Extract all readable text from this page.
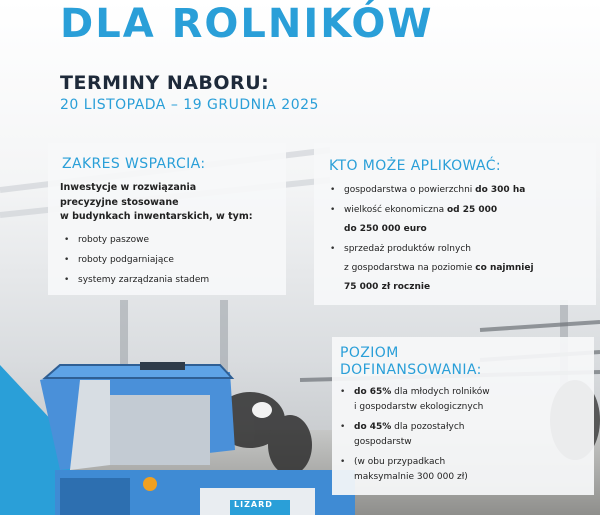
DLA ROLNIKÓW
TERMINY NABORU:
20 LISTOPADA – 19 GRUDNIA 2025
ZAKRES WSPARCIA:
Inwestycje w rozwiązania
precyzyjne stosowane
w budynkach inwentarskich, w tym:
• roboty paszowe
• roboty podgarniające
• systemy zarządzania stadem
KTO MOŻE APLIKOWAĆ:
• gospodarstwa o powierzchni do 300 ha
• wielkość ekonomiczna od 25 000
do 250 000 euro
• sprzedaż produktów rolnych
z gospodarstwa na poziomie co najmniej
75 000 zł rocznie
POZIOM
DOFINANSOWANIA:
• do 65% dla młodych rolników
i gospodarstw ekologicznych
• do 45% dla pozostałych
gospodarstw
• (w obu przypadkach
maksymalnie 300 000 zł)
LIZARD
